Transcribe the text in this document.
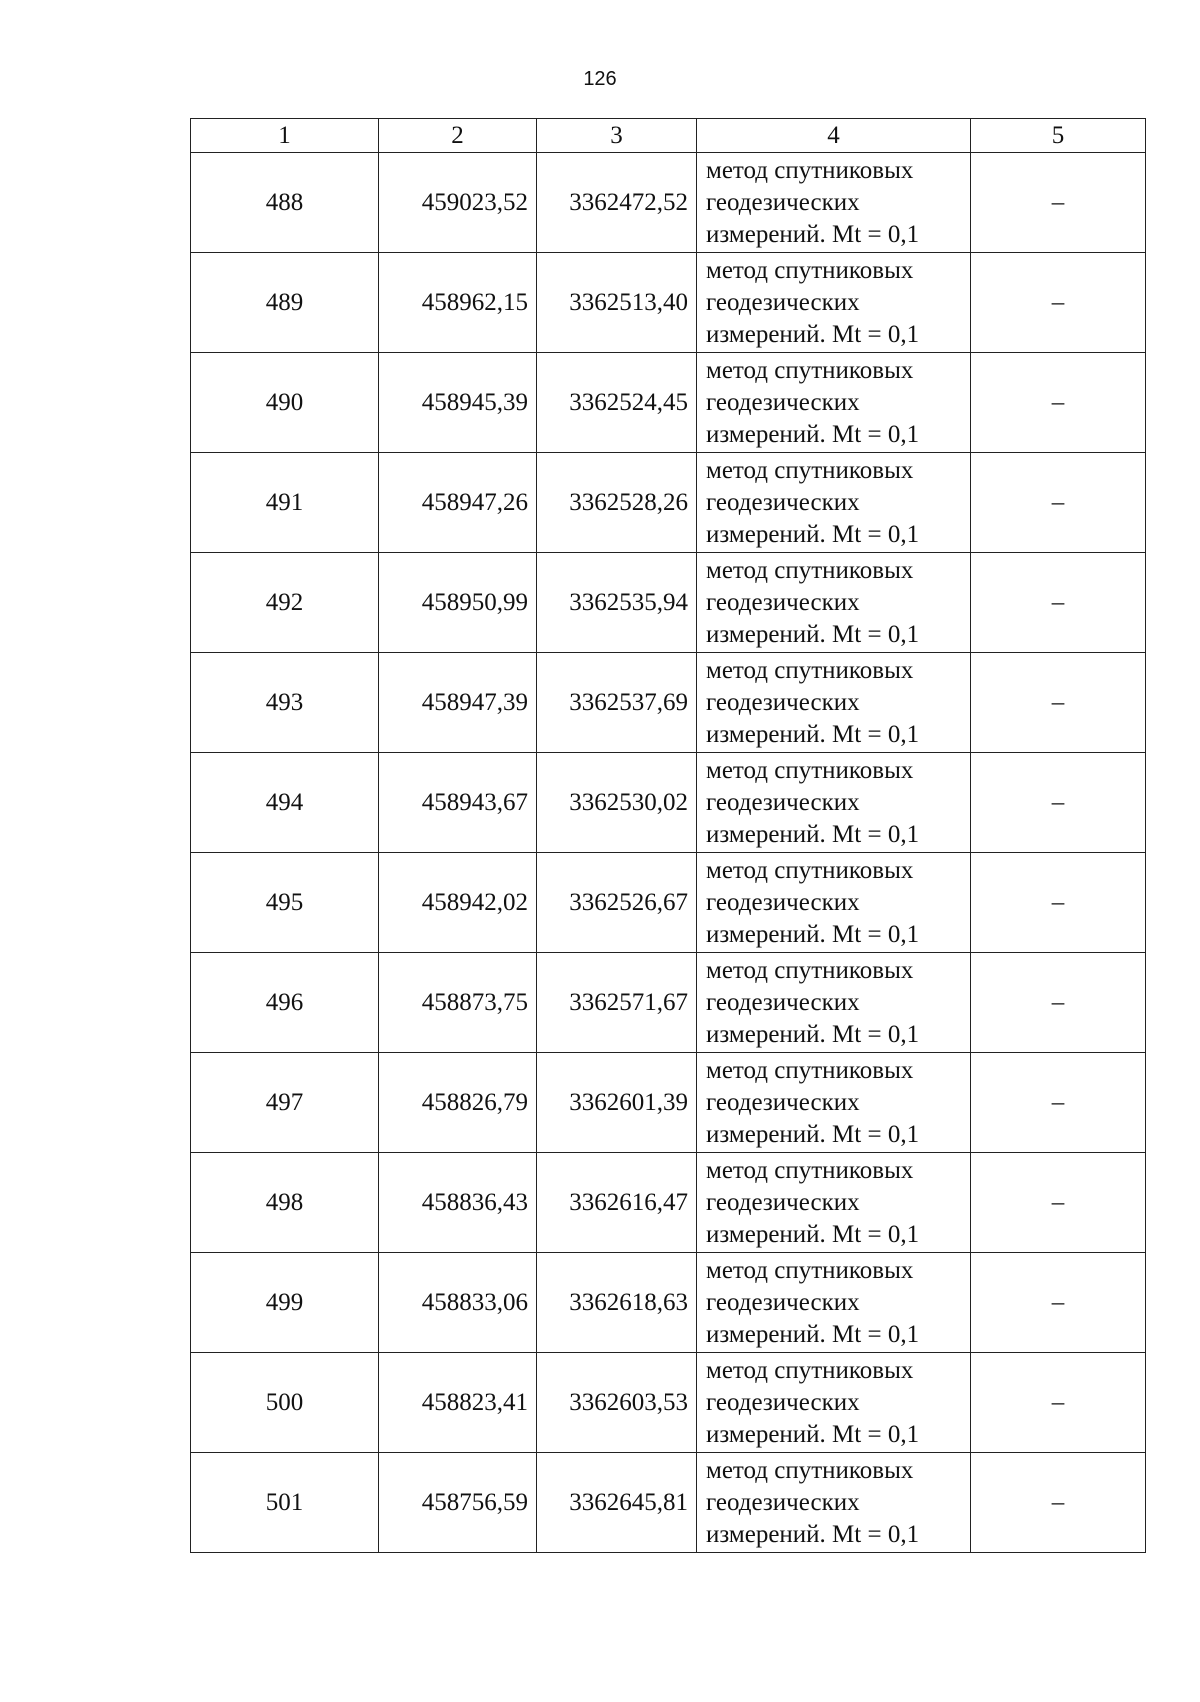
126
1	2	3	4	5
488	459023,52	3362472,52	метод спутниковых
геодезических
измерений. Mt = 0,1	–
489	458962,15	3362513,40	метод спутниковых
геодезических
измерений. Mt = 0,1	–
490	458945,39	3362524,45	метод спутниковых
геодезических
измерений. Mt = 0,1	–
491	458947,26	3362528,26	метод спутниковых
геодезических
измерений. Mt = 0,1	–
492	458950,99	3362535,94	метод спутниковых
геодезических
измерений. Mt = 0,1	–
493	458947,39	3362537,69	метод спутниковых
геодезических
измерений. Mt = 0,1	–
494	458943,67	3362530,02	метод спутниковых
геодезических
измерений. Mt = 0,1	–
495	458942,02	3362526,67	метод спутниковых
геодезических
измерений. Mt = 0,1	–
496	458873,75	3362571,67	метод спутниковых
геодезических
измерений. Mt = 0,1	–
497	458826,79	3362601,39	метод спутниковых
геодезических
измерений. Mt = 0,1	–
498	458836,43	3362616,47	метод спутниковых
геодезических
измерений. Mt = 0,1	–
499	458833,06	3362618,63	метод спутниковых
геодезических
измерений. Mt = 0,1	–
500	458823,41	3362603,53	метод спутниковых
геодезических
измерений. Mt = 0,1	–
501	458756,59	3362645,81	метод спутниковых
геодезических
измерений. Mt = 0,1	–
